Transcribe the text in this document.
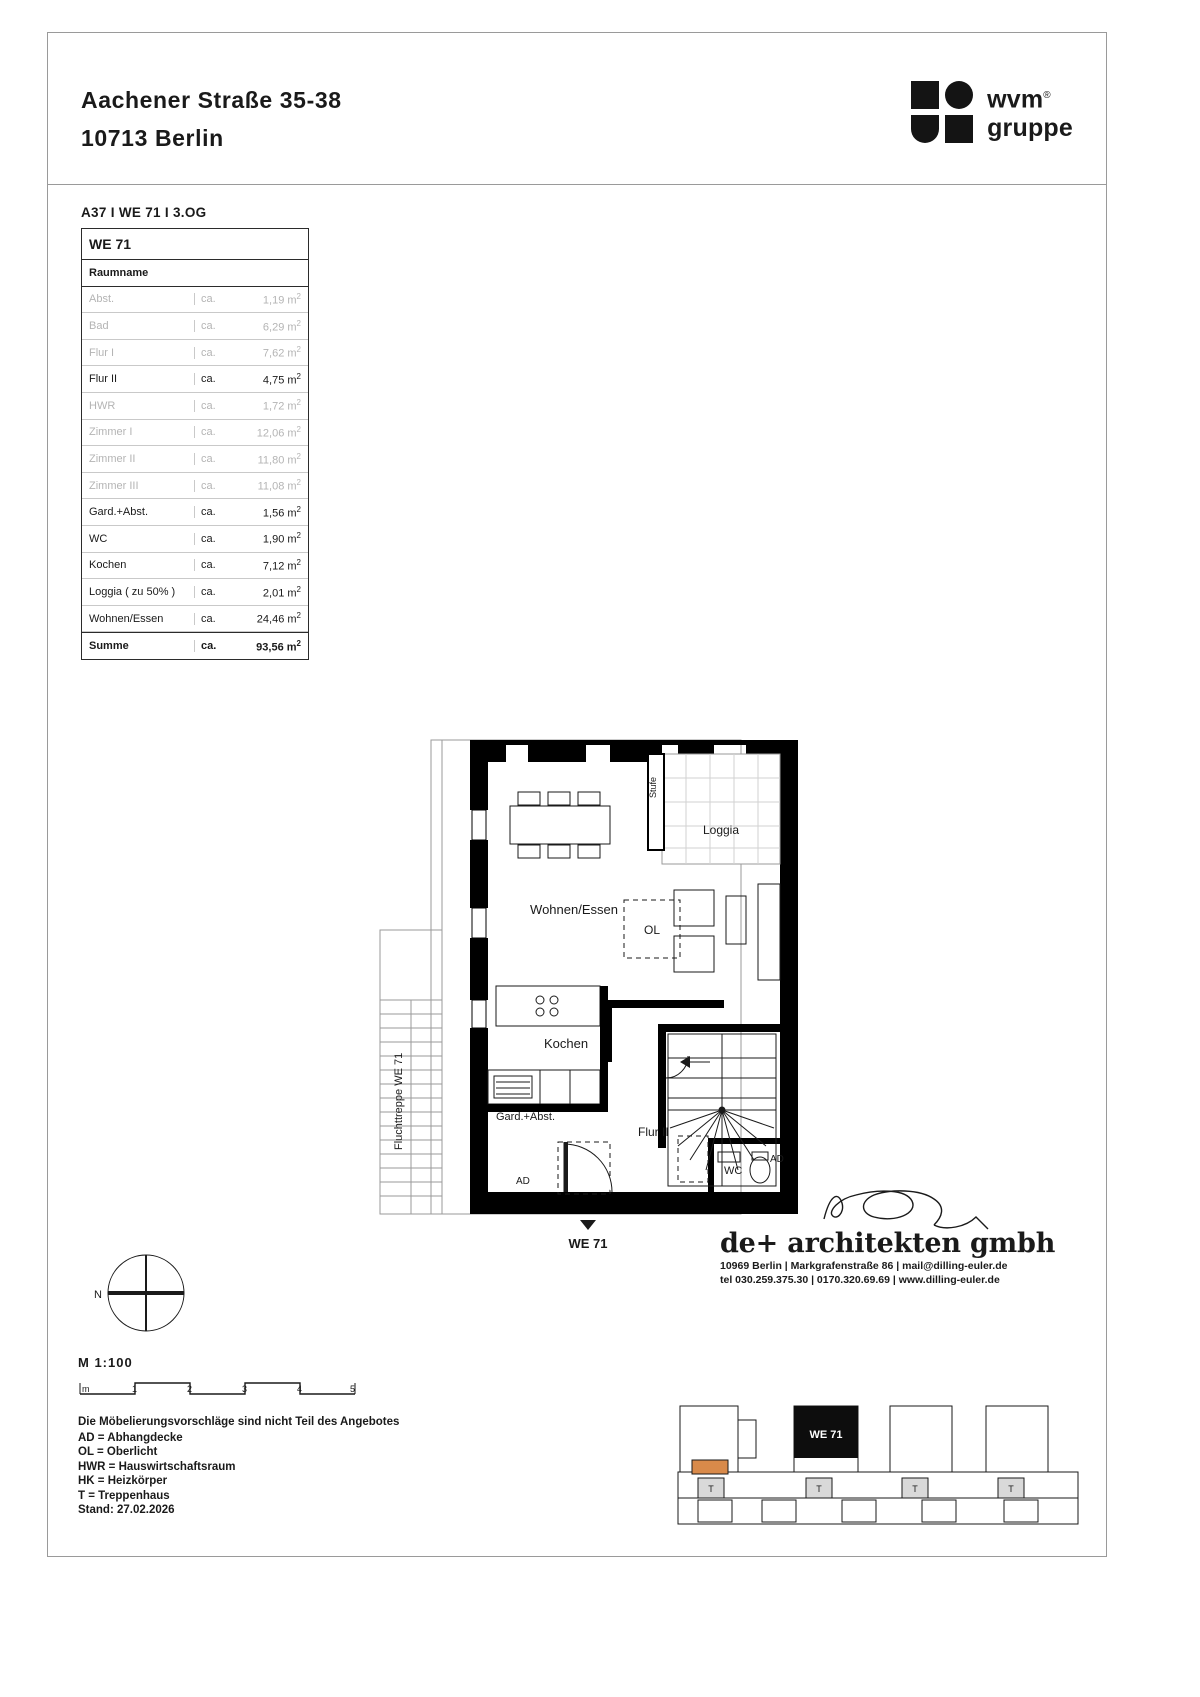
Aachener Straße 35-38
10713 Berlin
wvm®
gruppe
A37 I WE 71 I 3.OG
WE 71
Raumname
Abst.	ca.	1,19 $m^2$
Bad	ca.	6,29 $m^2$
Flur I	ca.	7,62 $m^2$
Flur II	ca.	4,75 $m^2$
HWR	ca.	1,72 $m^2$
Zimmer I	ca.	12,06 $m^2$
Zimmer II	ca.	11,80 $m^2$
Zimmer III	ca.	11,08 $m^2$
Gard.+Abst.	ca.	1,56 $m^2$
WC	ca.	1,90 $m^2$
Kochen	ca.	7,12 $m^2$
Loggia ( zu 50% )	ca.	2,01 $m^2$
Wohnen/Essen	ca.	24,46 $m^2$
Summe	ca.	93,56 $m^2$
Fluchttreppe WE 71
Stufe
Loggia
OL
WC
AD
AD
Wohnen/Essen
Kochen
Gard.+Abst.
Flur II
WE 71
N
M 1:100
m	1	2	3	4	5
Die Möbelierungsvorschläge sind nicht Teil des Angebotes
AD = Abhangdecke
OL = Oberlicht
HWR = Hauswirtschaftsraum
HK = Heizkörper
T = Treppenhaus
Stand: 27.02.2026
de+ architekten gmbh
10969 Berlin | Markgrafenstraße 86 | mail@dilling-euler.de
tel 030.259.375.30 | 0170.320.69.69 | www.dilling-euler.de
T	T	T	T
WE 71
